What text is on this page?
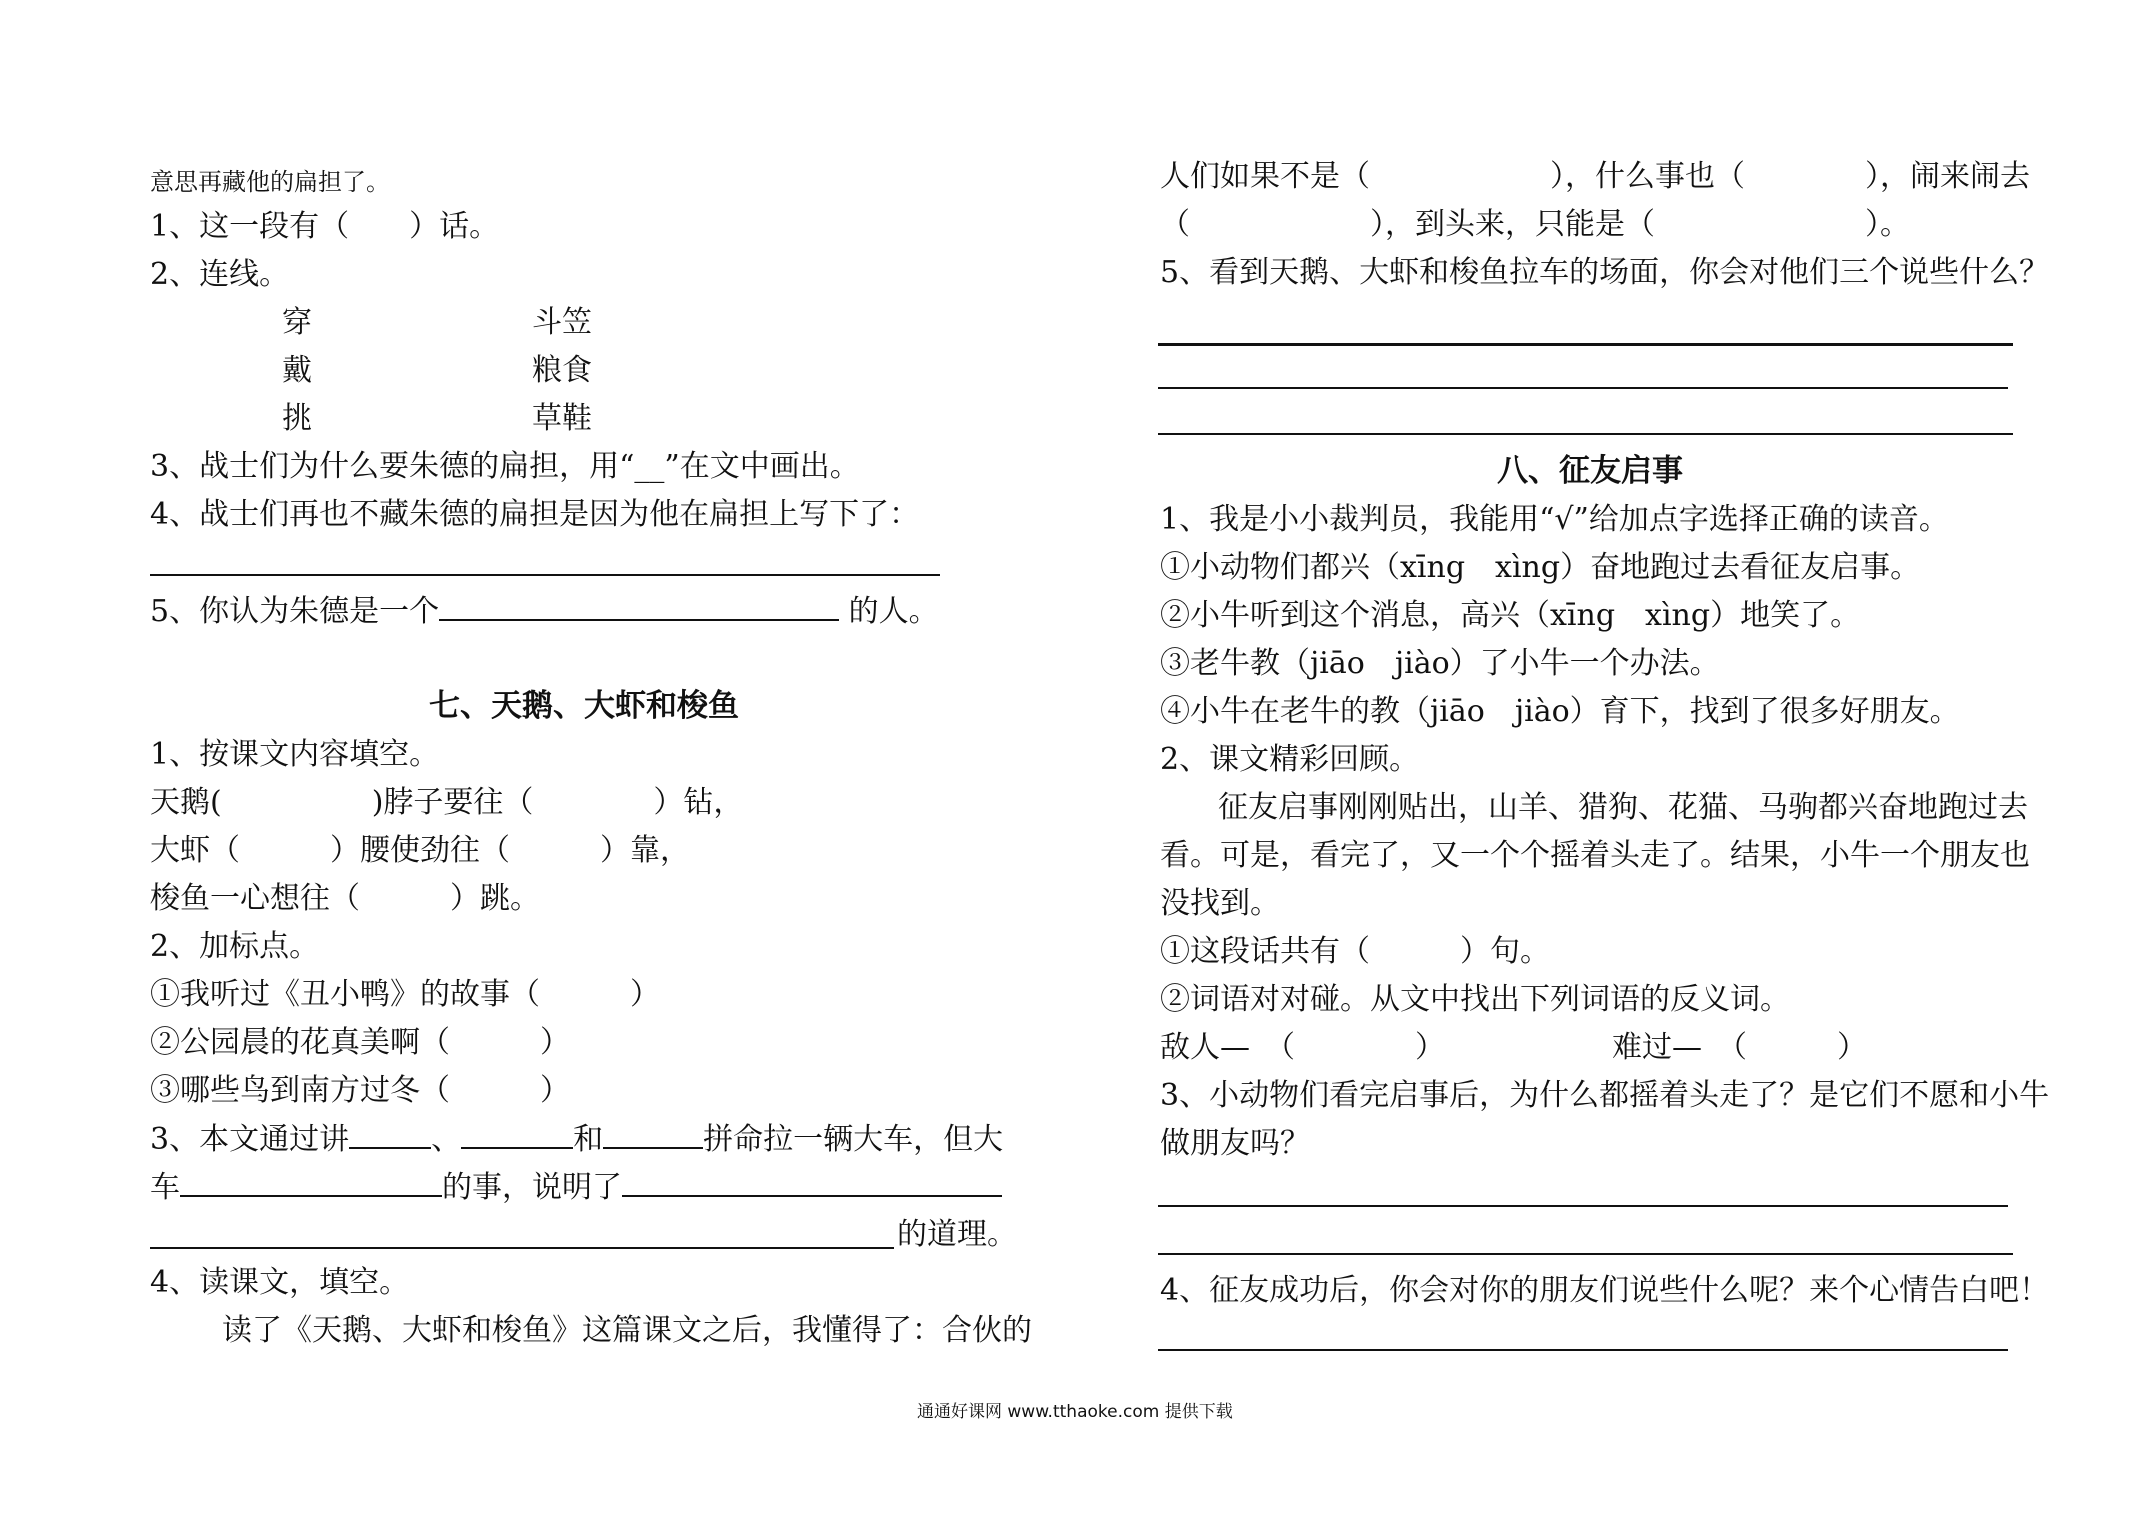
意思再藏他的扁担了。
1、这一段有（　　）话。
2、连线。
穿	斗笠
戴	粮食
挑	草鞋
3、战士们为什么要朱德的扁担，用“__”在文中画出。
4、战士们再也不藏朱德的扁担是因为他在扁担上写下了：
5、你认为朱德是一个	的人。
七、天鹅、大虾和梭鱼
1、按课文内容填空。
天鹅(　　　　　)脖子要往（　　　　）钻，
大虾（　　　）腰使劲往（　　　）靠，
梭鱼一心想往（　　　）跳。
2、加标点。
①我听过《丑小鸭》的故事（　　　）
②公园晨的花真美啊（　　　）
③哪些鸟到南方过冬（　　　）
3、本文通过讲	、	和	拼命拉一辆大车，但大
车	的事，说明了
的道理。
4、读课文，填空。
读了《天鹅、大虾和梭鱼》这篇课文之后，我懂得了：合伙的
人们如果不是（　　　　　　），什么事也（　　　　），闹来闹去
（　　　　　　），到头来，只能是（　　　　　　　）。
5、看到天鹅、大虾和梭鱼拉车的场面，你会对他们三个说些什么？
八、征友启事
1、我是小小裁判员，我能用“√”给加点字选择正确的读音。
①小动物们都兴（xīng　xìng）奋地跑过去看征友启事。
②小牛听到这个消息，高兴（xīng　xìng）地笑了。
③老牛教（jiāo　jiào）了小牛一个办法。
④小牛在老牛的教（jiāo　jiào）育下，找到了很多好朋友。
2、课文精彩回顾。
征友启事刚刚贴出，山羊、猎狗、花猫、马驹都兴奋地跑过去
看。可是，看完了，又一个个摇着头走了。结果，小牛一个朋友也
没找到。
①这段话共有（　　　）句。
②词语对对碰。从文中找出下列词语的反义词。
敌人—　（　　　　）	难过—　（　　　）
3、小动物们看完启事后，为什么都摇着头走了？是它们不愿和小牛
做朋友吗？
4、征友成功后，你会对你的朋友们说些什么呢？来个心情告白吧！
通通好课网 www.tthaoke.com 提供下载
